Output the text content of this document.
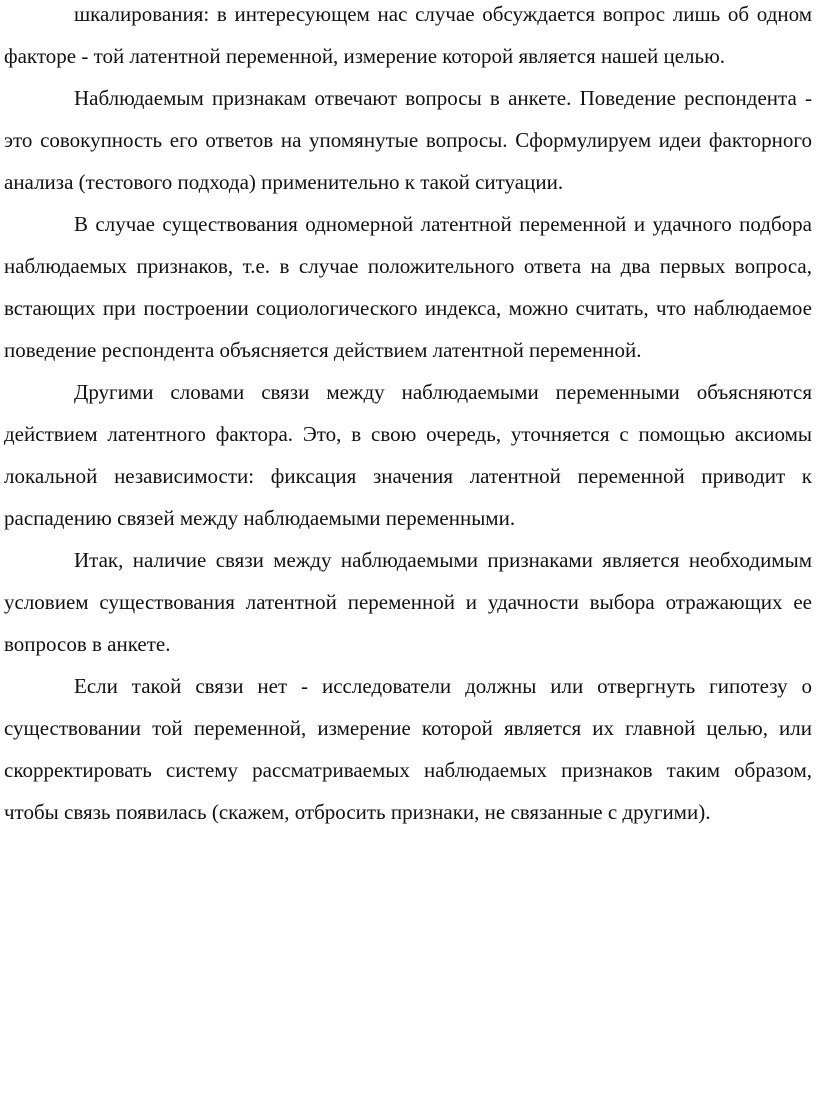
шкалирования: в интересующем нас случае обсуждается вопрос лишь об одном факторе - той латентной переменной, измерение которой является нашей целью.

Наблюдаемым признакам отвечают вопросы в анкете. Поведение респондента - это совокупность его ответов на упомянутые вопросы. Сформулируем идеи факторного анализа (тестового подхода) применительно к такой ситуации.

В случае существования одномерной латентной переменной и удачного подбора наблюдаемых признаков, т.е. в случае положительного ответа на два первых вопроса, встающих при построении социологического индекса, можно считать, что наблюдаемое поведение респондента объясняется действием латентной переменной.

Другими словами связи между наблюдаемыми переменными объясняются действием латентного фактора. Это, в свою очередь, уточняется с помощью аксиомы локальной независимости: фиксация значения латентной переменной приводит к распадению связей между наблюдаемыми переменными.

Итак, наличие связи между наблюдаемыми признаками является необходимым условием существования латентной переменной и удачности выбора отражающих ее вопросов в анкете.

Если такой связи нет - исследователи должны или отвергнуть гипотезу о существовании той переменной, измерение которой является их главной целью, или скорректировать систему рассматриваемых наблюдаемых признаков таким образом, чтобы связь появилась (скажем, отбросить признаки, не связанные с другими).
